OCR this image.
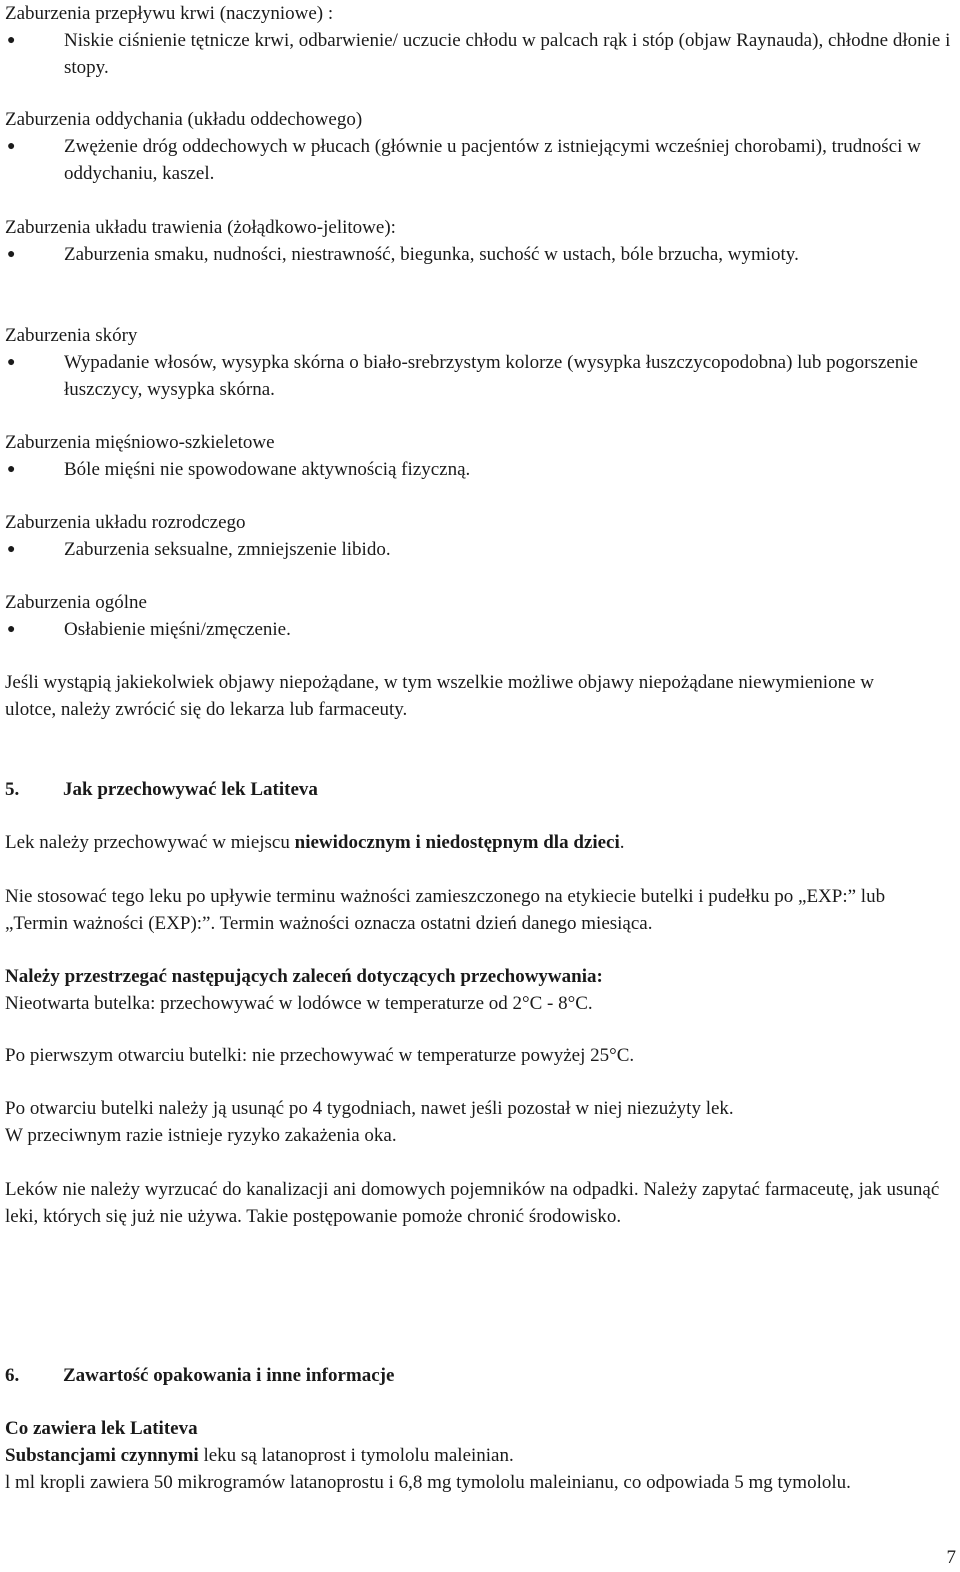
Zaburzenia przepływu krwi (naczyniowe) :
●	Niskie ciśnienie tętnicze krwi, odbarwienie/ uczucie chłodu w palcach rąk i stóp (objaw Raynauda), chłodne dłonie i stopy.
Zaburzenia oddychania (układu oddechowego)
●	Zwężenie dróg oddechowych w płucach (głównie u pacjentów z istniejącymi wcześniej chorobami), trudności w oddychaniu, kaszel.
Zaburzenia układu trawienia (żołądkowo-jelitowe):
●	Zaburzenia smaku, nudności, niestrawność, biegunka, suchość w ustach, bóle brzucha, wymioty.
Zaburzenia skóry
●	Wypadanie włosów, wysypka skórna o biało-srebrzystym kolorze (wysypka łuszczycopodobna) lub pogorszenie łuszczycy, wysypka skórna.
Zaburzenia mięśniowo-szkieletowe
●	Bóle mięśni nie spowodowane aktywnością fizyczną.
Zaburzenia układu rozrodczego
●	Zaburzenia seksualne, zmniejszenie libido.
Zaburzenia ogólne
●	Osłabienie mięśni/zmęczenie.

Jeśli wystąpią jakiekolwiek objawy niepożądane, w tym wszelkie możliwe objawy niepożądane niewymienione w ulotce, należy zwrócić się do lekarza lub farmaceuty.

5. Jak przechowywać lek Latiteva

Lek należy przechowywać w miejscu niewidocznym i niedostępnym dla dzieci.

Nie stosować tego leku po upływie terminu ważności zamieszczonego na etykiecie butelki i pudełku po „EXP:” lub „Termin ważności (EXP):”. Termin ważności oznacza ostatni dzień danego miesiąca.

Należy przestrzegać następujących zaleceń dotyczących przechowywania:

Nieotwarta butelka: przechowywać w lodówce w temperaturze od 2°C - 8°C.

Po pierwszym otwarciu butelki: nie przechowywać w temperaturze powyżej 25°C.

Po otwarciu butelki należy ją usunąć po 4 tygodniach, nawet jeśli pozostał w niej niezużyty lek.

W przeciwnym razie istnieje ryzyko zakażenia oka.

Leków nie należy wyrzucać do kanalizacji ani domowych pojemników na odpadki. Należy zapytać farmaceutę, jak usunąć leki, których się już nie używa. Takie postępowanie pomoże chronić środowisko.

6. Zawartość opakowania i inne informacje

Co zawiera lek Latiteva

Substancjami czynnymi leku są latanoprost i tymololu maleinian.

l ml kropli zawiera 50 mikrogramów latanoprostu i 6,8 mg tymololu maleinianu, co odpowiada 5 mg tymololu.

7
